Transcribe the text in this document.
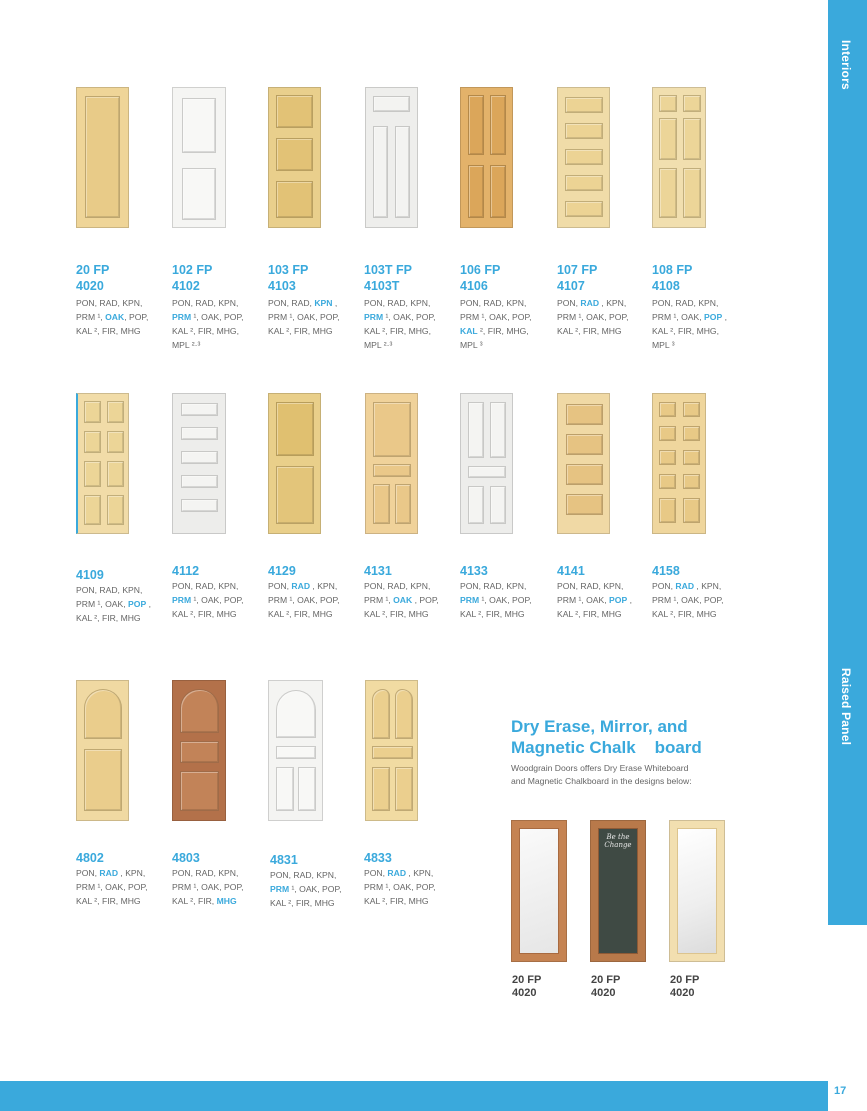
Interiors
Raised Panel
17
20 FP
4020
PON, RAD, KPN,
PRM ¹, OAK, POP,
KAL ², FIR, MHG
102 FP
4102
PON, RAD, KPN,
PRM ¹, OAK, POP,
KAL ², FIR, MHG,
MPL ²·³
103 FP
4103
PON, RAD, KPN ,
PRM ¹, OAK, POP,
KAL ², FIR, MHG
103T FP
4103T
PON, RAD, KPN,
PRM ¹, OAK, POP,
KAL ², FIR, MHG,
MPL ²·³
106 FP
4106
PON, RAD, KPN,
PRM ¹, OAK, POP,
KAL ², FIR, MHG,
MPL ³
107 FP
4107
PON, RAD , KPN,
PRM ¹, OAK, POP,
KAL ², FIR, MHG
108 FP
4108
PON, RAD, KPN,
PRM ¹, OAK, POP ,
KAL ², FIR, MHG,
MPL ³
4109
PON, RAD, KPN,
PRM ¹, OAK, POP ,
KAL ², FIR, MHG
4112
PON, RAD, KPN,
PRM ¹, OAK, POP,
KAL ², FIR, MHG
4129
PON, RAD , KPN,
PRM ¹, OAK, POP,
KAL ², FIR, MHG
4131
PON, RAD, KPN,
PRM ¹, OAK , POP,
KAL ², FIR, MHG
4133
PON, RAD, KPN,
PRM ¹, OAK, POP,
KAL ², FIR, MHG
4141
PON, RAD, KPN,
PRM ¹, OAK, POP ,
KAL ², FIR, MHG
4158
PON, RAD , KPN,
PRM ¹, OAK, POP,
KAL ², FIR, MHG
4802
PON, RAD , KPN,
PRM ¹, OAK, POP,
KAL ², FIR, MHG
4803
PON, RAD, KPN,
PRM ¹, OAK, POP,
KAL ², FIR, MHG
4831
PON, RAD, KPN,
PRM ¹, OAK, POP,
KAL ², FIR, MHG
4833
PON, RAD , KPN,
PRM ¹, OAK, POP,
KAL ², FIR, MHG
Dry Erase, Mirror, and
Magnetic Chalk    board
Woodgrain Doors offers Dry Erase Whiteboard
and Magnetic Chalkboard in the designs below:
Be the Change
20 FP
4020
20 FP
4020
20 FP
4020
